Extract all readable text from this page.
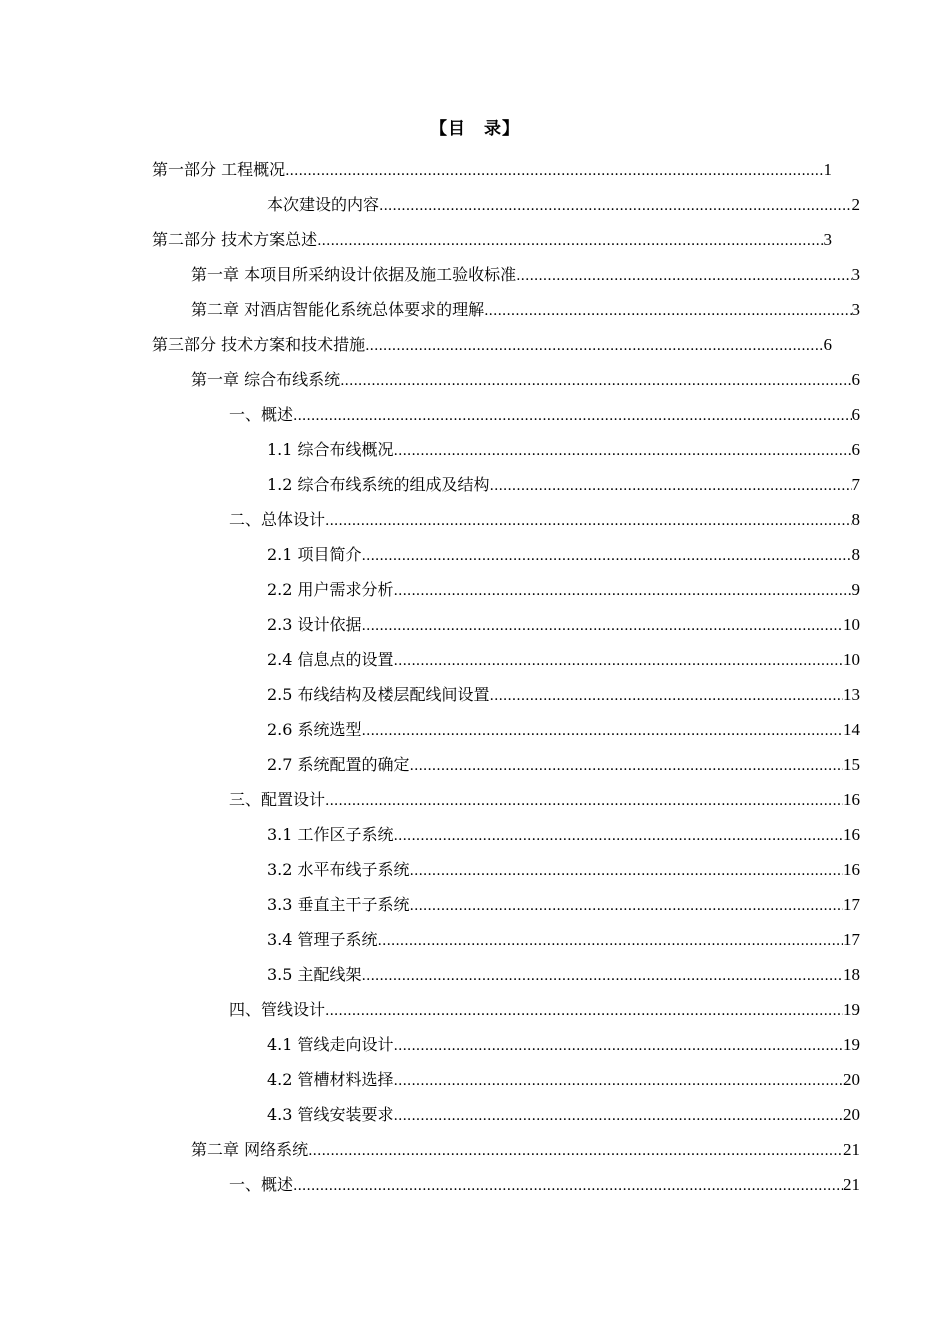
【目　录】
第一部分 工程概况 .....	1
本次建设的内容 .....	2
第二部分 技术方案总述 .....	3
第一章 本项目所采纳设计依据及施工验收标准 .....	3
第二章 对酒店智能化系统总体要求的理解 .....	3
第三部分 技术方案和技术措施 .....	6
第一章 综合布线系统 .....	6
一、概述 .....	6
1.1 综合布线概况 .....	6
1.2 综合布线系统的组成及结构 .....	7
二、总体设计 .....	8
2.1 项目简介 .....	8
2.2 用户需求分析 .....	9
2.3 设计依据 .....	10
2.4 信息点的设置 .....	10
2.5 布线结构及楼层配线间设置 .....	13
2.6 系统选型 .....	14
2.7 系统配置的确定 .....	15
三、配置设计 .....	16
3.1 工作区子系统 .....	16
3.2 水平布线子系统 .....	16
3.3 垂直主干子系统 .....	17
3.4 管理子系统 .....	17
3.5 主配线架 .....	18
四、管线设计 .....	19
4.1 管线走向设计 .....	19
4.2 管槽材料选择 .....	20
4.3 管线安装要求 .....	20
第二章 网络系统 .....	21
一、概述 .....	21
